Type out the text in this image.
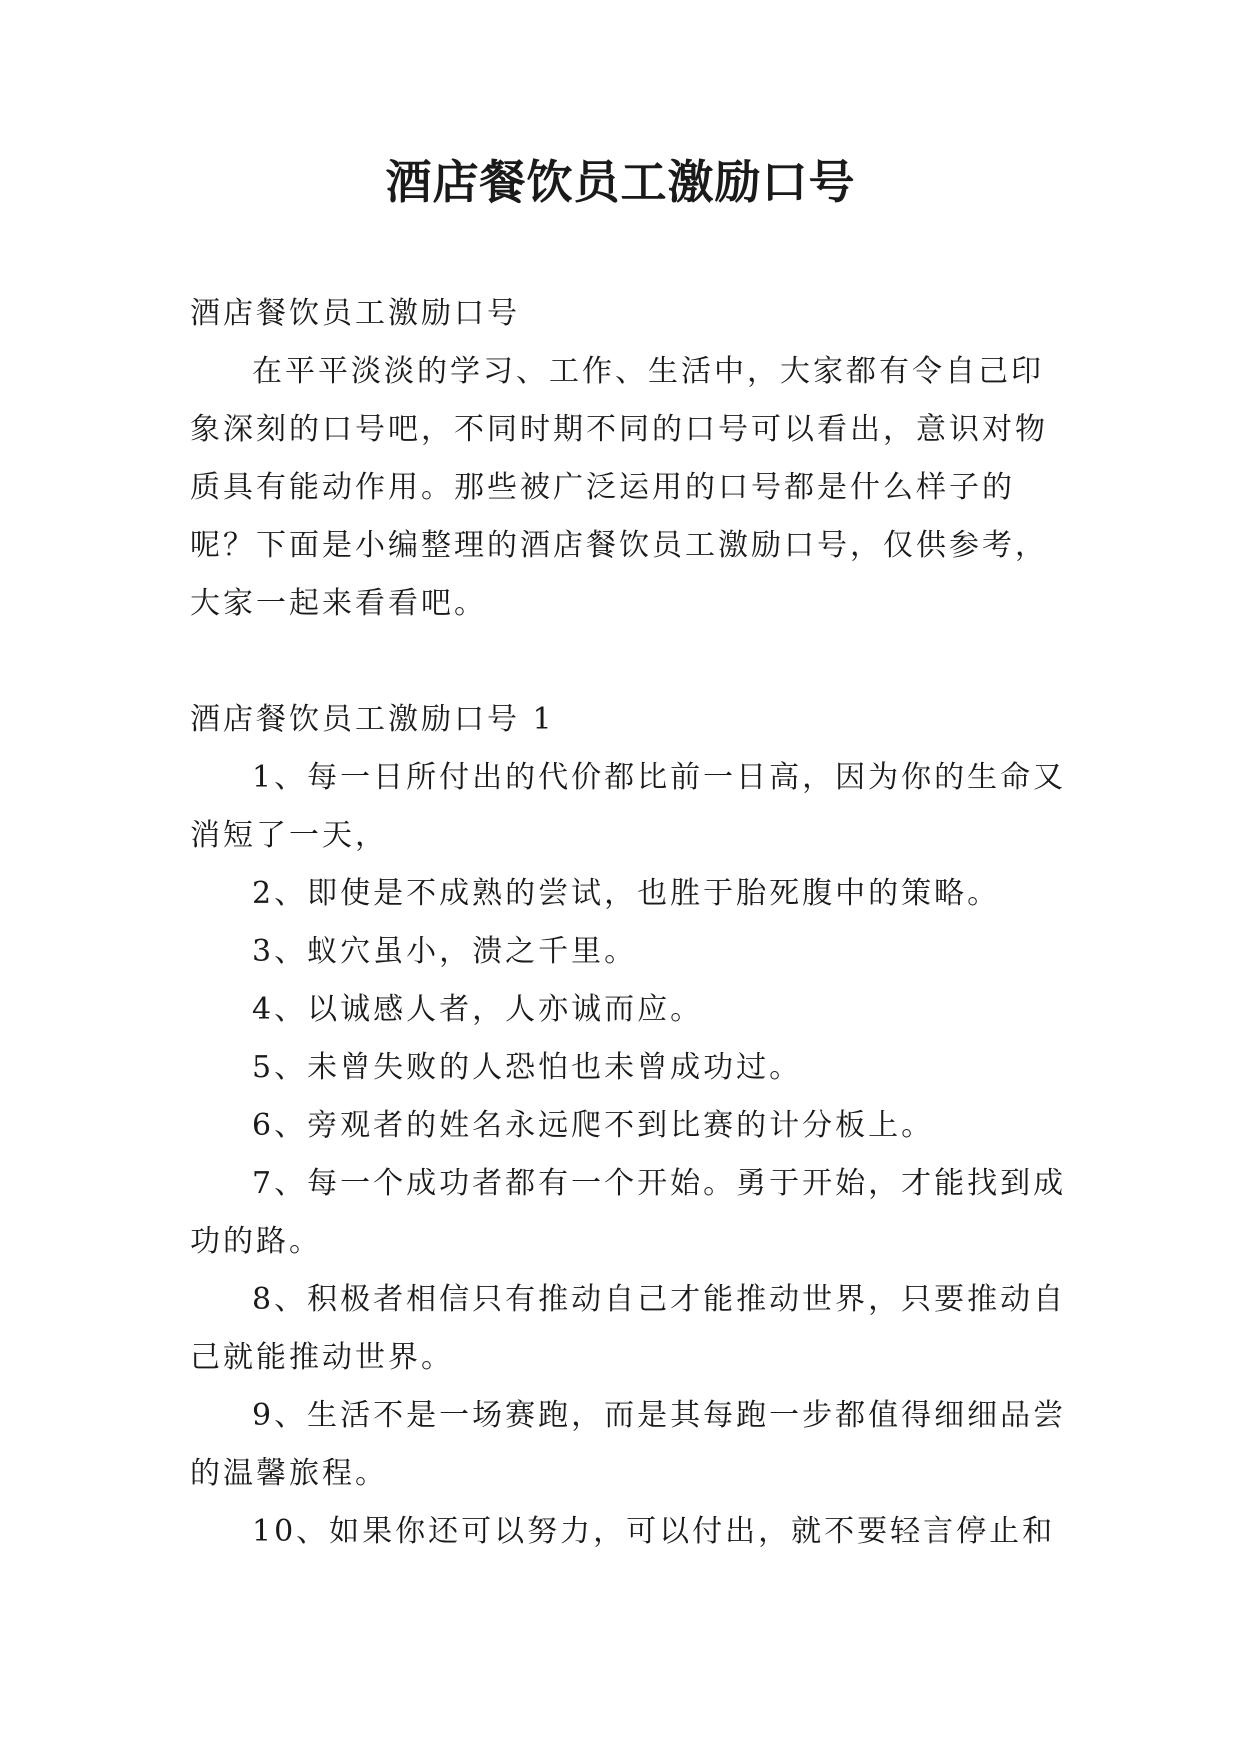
酒店餐饮员工激励口号

酒店餐饮员工激励口号

在平平淡淡的学习、工作、生活中，大家都有令自己印象深刻的口号吧，不同时期不同的口号可以看出，意识对物质具有能动作用。那些被广泛运用的口号都是什么样子的呢？下面是小编整理的酒店餐饮员工激励口号，仅供参考，大家一起来看看吧。

酒店餐饮员工激励口号 1

1、每一日所付出的代价都比前一日高，因为你的生命又消短了一天，

2、即使是不成熟的尝试，也胜于胎死腹中的策略。

3、蚁穴虽小，溃之千里。

4、以诚感人者，人亦诚而应。

5、未曾失败的人恐怕也未曾成功过。

6、旁观者的姓名永远爬不到比赛的计分板上。

7、每一个成功者都有一个开始。勇于开始，才能找到成功的路。

8、积极者相信只有推动自己才能推动世界，只要推动自己就能推动世界。

9、生活不是一场赛跑，而是其每跑一步都值得细细品尝的温馨旅程。

10、如果你还可以努力，可以付出，就不要轻言停止和
